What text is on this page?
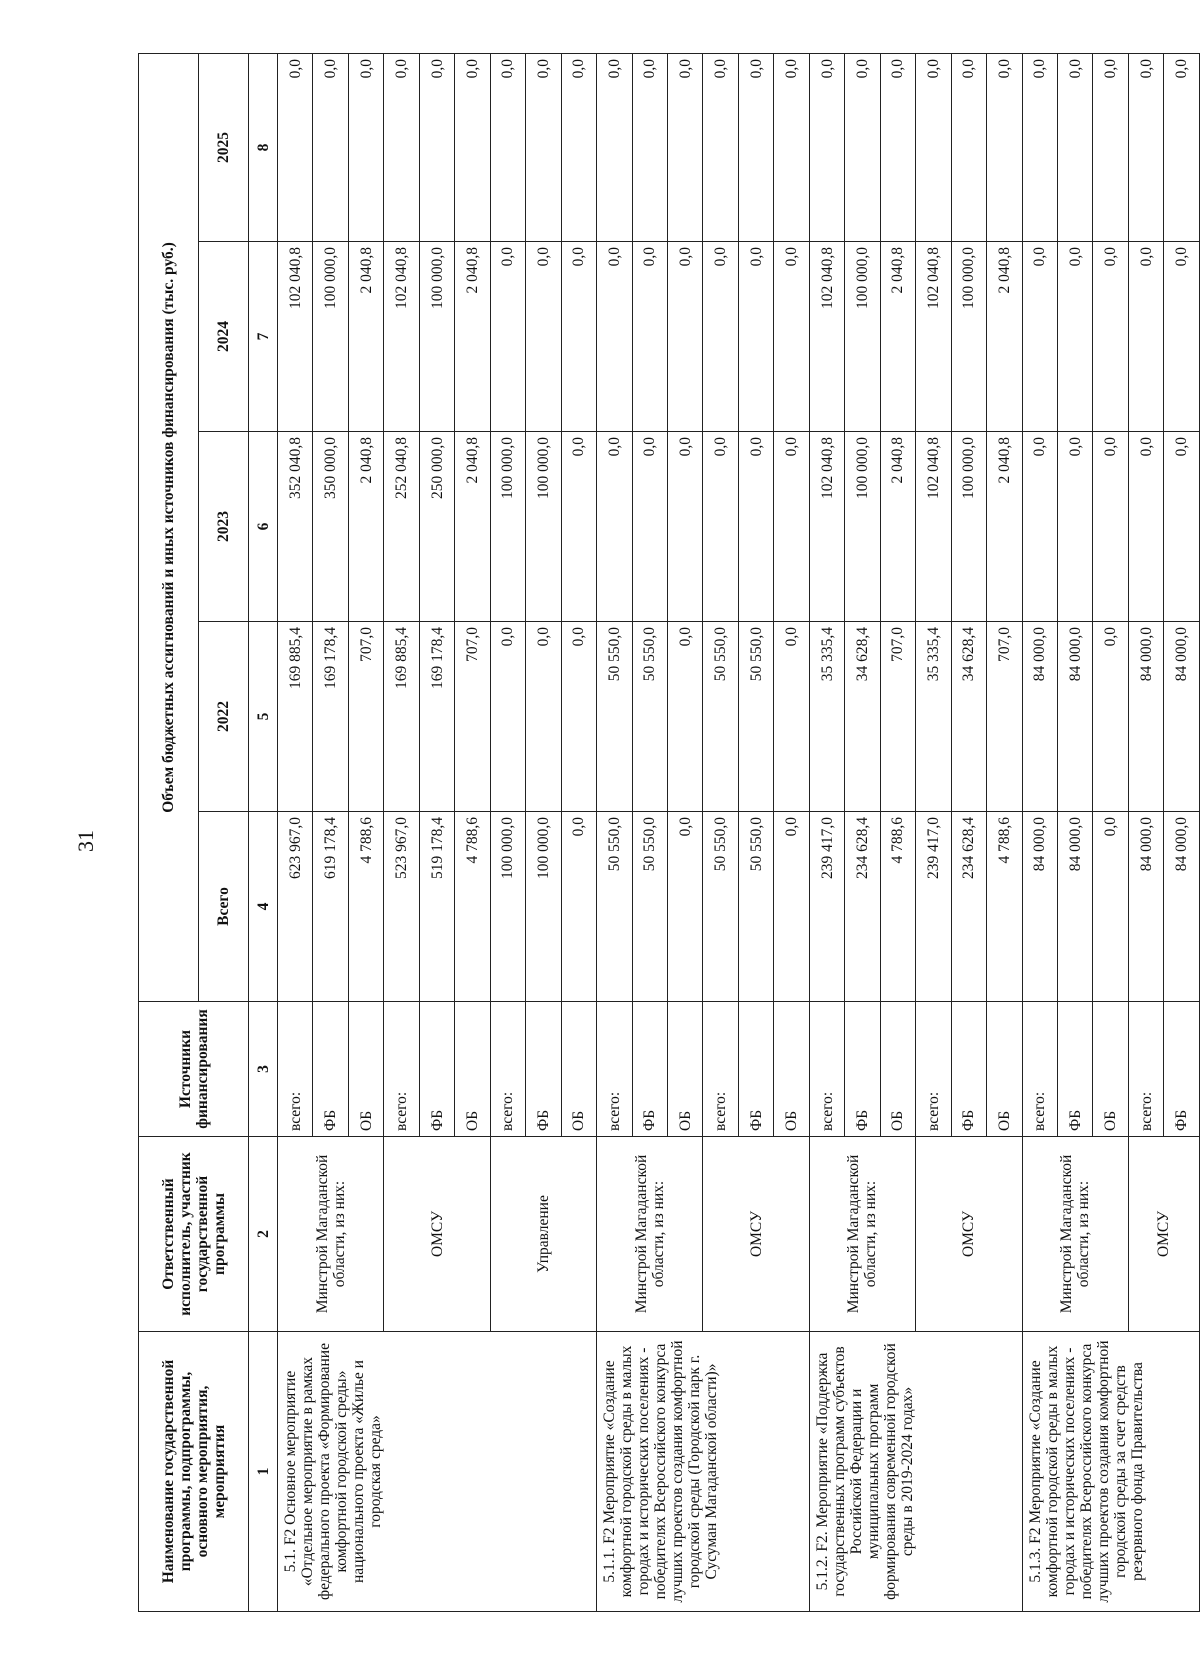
31
Наименование государственной программы, подпрограммы, основного мероприятия, мероприятия	Ответственный исполнитель, участник государственной программы	Источники финансирования	Объем бюджетных ассигнований и иных источников финансирования (тыс. руб.)				
			Всего	2022	2023	2024	2025
1	2	3	4	5	6	7	8
5.1. F2 Основное мероприятие «Отдельное мероприятие в рамках федерального проекта «Формирование комфортной городской среды» национального проекта «Жилье и городская среда»	Минстрой Магаданской области, из них:	всего:	623 967,0	169 885,4	352 040,8	102 040,8	0,0
		ФБ	619 178,4	169 178,4	350 000,0	100 000,0	0,0
		ОБ	4 788,6	707,0	2 040,8	2 040,8	0,0
	ОМСУ	всего:	523 967,0	169 885,4	252 040,8	102 040,8	0,0
		ФБ	519 178,4	169 178,4	250 000,0	100 000,0	0,0
		ОБ	4 788,6	707,0	2 040,8	2 040,8	0,0
	Управление	всего:	100 000,0	0,0	100 000,0	0,0	0,0
		ФБ	100 000,0	0,0	100 000,0	0,0	0,0
		ОБ	0,0	0,0	0,0	0,0	0,0
5.1.1. F2 Мероприятие «Создание комфортной городской среды в малых городах и исторических поселениях - победителях Всероссийского конкурса лучших проектов создания комфортной городской среды (Городской парк г. Сусуман Магаданской области)»	Минстрой Магаданской области, из них:	всего:	50 550,0	50 550,0	0,0	0,0	0,0
		ФБ	50 550,0	50 550,0	0,0	0,0	0,0
		ОБ	0,0	0,0	0,0	0,0	0,0
	ОМСУ	всего:	50 550,0	50 550,0	0,0	0,0	0,0
		ФБ	50 550,0	50 550,0	0,0	0,0	0,0
		ОБ	0,0	0,0	0,0	0,0	0,0
5.1.2. F2. Мероприятие «Поддержка государственных программ субъектов Российской Федерации и муниципальных программ формирования современной городской среды в 2019-2024 годах»	Минстрой Магаданской области, из них:	всего:	239 417,0	35 335,4	102 040,8	102 040,8	0,0
		ФБ	234 628,4	34 628,4	100 000,0	100 000,0	0,0
		ОБ	4 788,6	707,0	2 040,8	2 040,8	0,0
	ОМСУ	всего:	239 417,0	35 335,4	102 040,8	102 040,8	0,0
		ФБ	234 628,4	34 628,4	100 000,0	100 000,0	0,0
		ОБ	4 788,6	707,0	2 040,8	2 040,8	0,0
5.1.3. F2 Мероприятие «Создание комфортной городской среды в малых городах и исторических поселениях - победителях Всероссийского конкурса лучших проектов создания комфортной городской среды за счет средств резервного фонда Правительства	Минстрой Магаданской области, из них:	всего:	84 000,0	84 000,0	0,0	0,0	0,0
		ФБ	84 000,0	84 000,0	0,0	0,0	0,0
		ОБ	0,0	0,0	0,0	0,0	0,0
	ОМСУ	всего:	84 000,0	84 000,0	0,0	0,0	0,0
		ФБ	84 000,0	84 000,0	0,0	0,0	0,0
